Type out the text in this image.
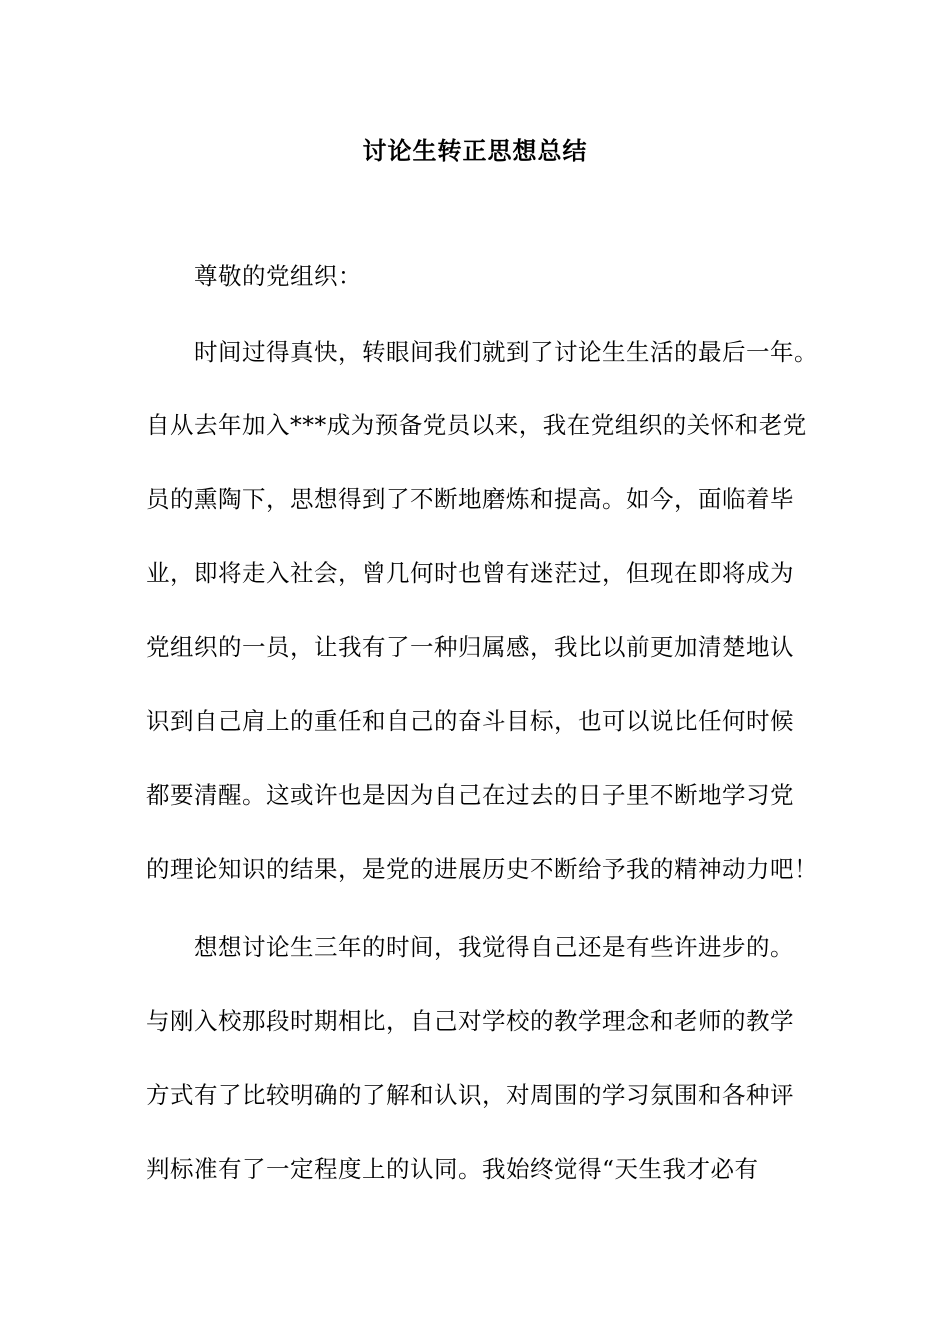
讨论生转正思想总结
尊敬的党组织：
时间过得真快，转眼间我们就到了讨论生生活的最后一年。
自从去年加入***成为预备党员以来，我在党组织的关怀和老党
员的熏陶下，思想得到了不断地磨炼和提高。如今，面临着毕
业，即将走入社会，曾几何时也曾有迷茫过，但现在即将成为
党组织的一员，让我有了一种归属感，我比以前更加清楚地认
识到自己肩上的重任和自己的奋斗目标，也可以说比任何时候
都要清醒。这或许也是因为自己在过去的日子里不断地学习党
的理论知识的结果，是党的进展历史不断给予我的精神动力吧！
想想讨论生三年的时间，我觉得自己还是有些许进步的。
与刚入校那段时期相比，自己对学校的教学理念和老师的教学
方式有了比较明确的了解和认识，对周围的学习氛围和各种评
判标准有了一定程度上的认同。我始终觉得“天生我才必有
